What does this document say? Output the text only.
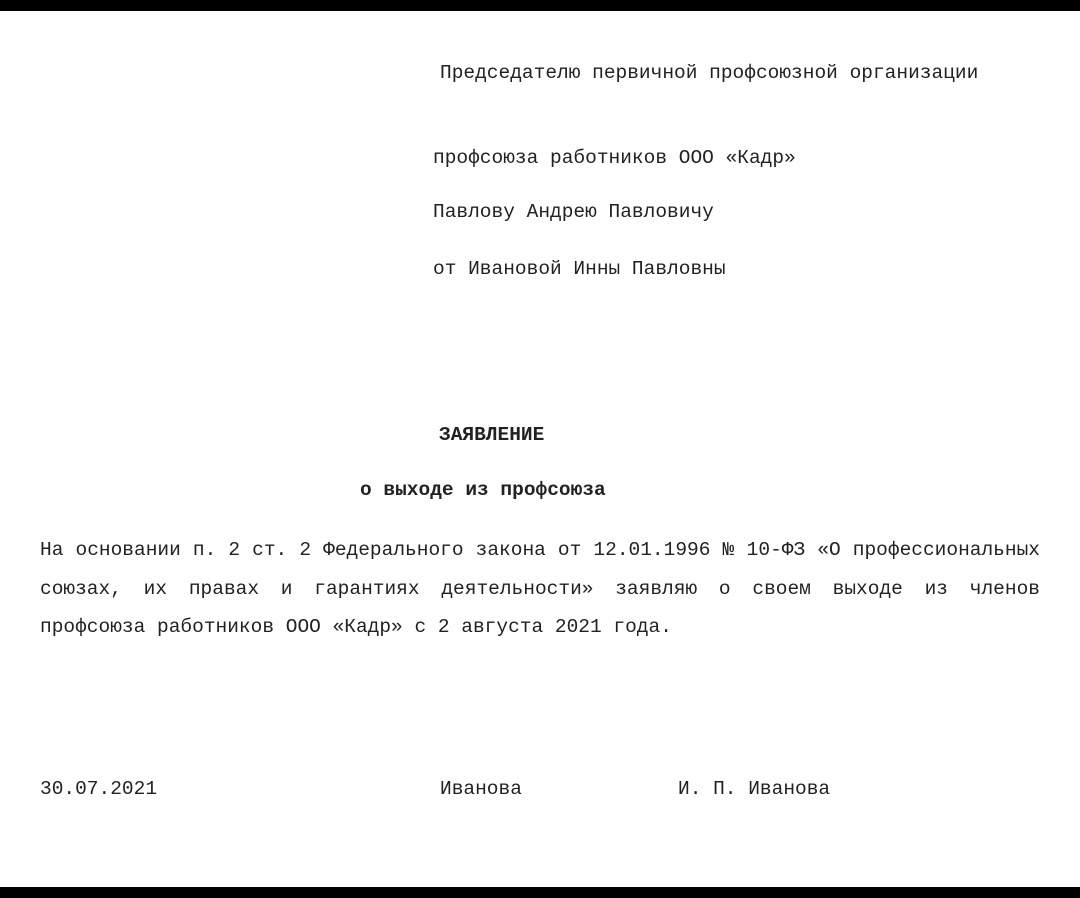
Председателю первичной профсоюзной организации
профсоюза работников ООО «Кадр»
Павлову Андрею Павловичу
от Ивановой Инны Павловны
ЗАЯВЛЕНИЕ
о выходе из профсоюза
На основании п. 2 ст. 2 Федерального закона от 12.01.1996 № 10-ФЗ «О профессиональных союзах, их правах и гарантиях деятельности» заявляю о своем выходе из членов профсоюза работников ООО «Кадр» с 2 августа 2021 года.
30.07.2021	Иванова	И. П. Иванова
